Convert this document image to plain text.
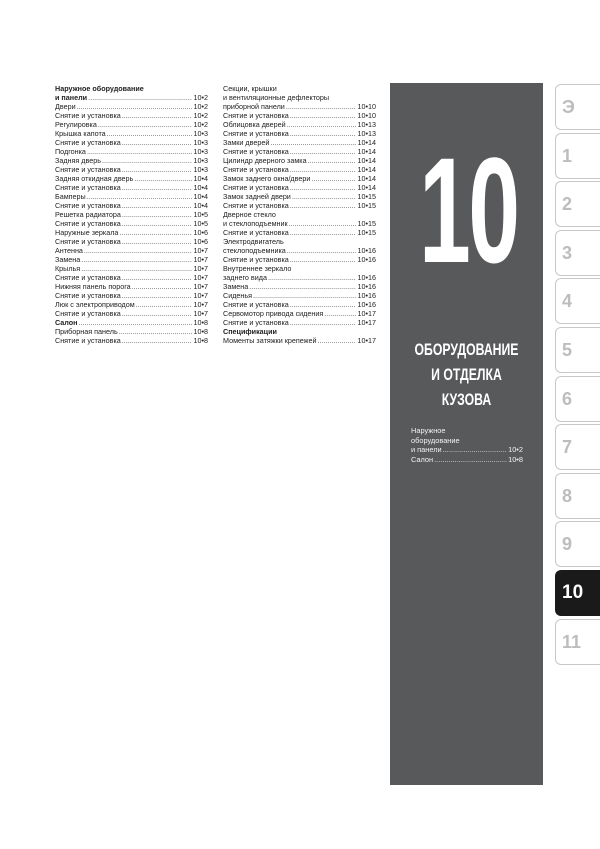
Наружное оборудование
и панели .....	10•2
Двери .....	10•2
Снятие и установка .....	10•2
Регулировка .....	10•2
Крышка капота .....	10•3
Снятие и установка .....	10•3
Подгонка .....	10•3
Задняя дверь .....	10•3
Снятие и установка .....	10•3
Задняя откидная дверь .....	10•4
Снятие и установка .....	10•4
Бамперы .....	10•4
Снятие и установка .....	10•4
Решетка радиатора .....	10•5
Снятие и установка .....	10•5
Наружные зеркала .....	10•6
Снятие и установка .....	10•6
Антенна .....	10•7
Замена .....	10•7
Крылья .....	10•7
Снятие и установка .....	10•7
Нижняя панель порога .....	10•7
Снятие и установка .....	10•7
Люк с электроприводом .....	10•7
Снятие и установка .....	10•7
Салон .....	10•8
Приборная панель .....	10•8
Снятие и установка .....	10•8
Секции, крышки
и вентиляционные дефлекторы
приборной панели .....	10•10
Снятие и установка .....	10•10
Облицовка дверей .....	10•13
Снятие и установка .....	10•13
Замки дверей .....	10•14
Снятие и установка .....	10•14
Цилиндр дверного замка .....	10•14
Снятие и установка .....	10•14
Замок заднего окна/двери .....	10•14
Снятие и установка .....	10•14
Замок задней двери .....	10•15
Снятие и установка .....	10•15
Дверное стекло
и стеклоподъемник .....	10•15
Снятие и установка .....	10•15
Электродвигатель
стеклоподъемника .....	10•16
Снятие и установка .....	10•16
Внутреннее зеркало
заднего вида .....	10•16
Замена .....	10•16
Сиденья .....	10•16
Снятие и установка .....	10•16
Сервомотор привода сидения .....	10•17
Снятие и установка .....	10•17
Спецификации
Моменты затяжки крепежей .....	10•17
10
ОБОРУДОВАНИЕ
И ОТДЕЛКА
КУЗОВА
Наружное
оборудование
и панели .....	10•2
Салон .....	10•8
Э
1
2
3
4
5
6
7
8
9
10
11
